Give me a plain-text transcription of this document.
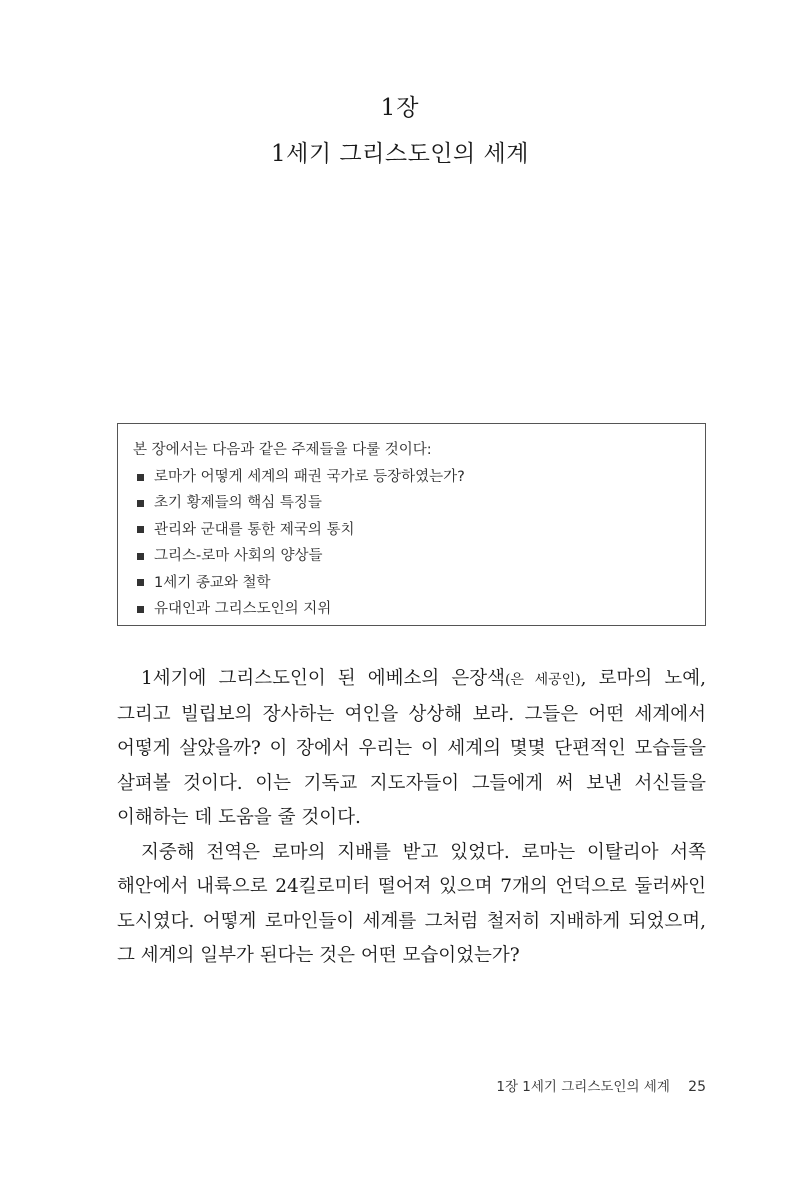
1장
1세기 그리스도인의 세계
본 장에서는 다음과 같은 주제들을 다룰 것이다:
로마가 어떻게 세계의 패권 국가로 등장하였는가?
초기 황제들의 핵심 특징들
관리와 군대를 통한 제국의 통치
그리스-로마 사회의 양상들
1세기 종교와 철학
유대인과 그리스도인의 지위

1세기에 그리스도인이 된 에베소의 은장색(은 세공인), 로마의 노예, 그리고 빌립보의 장사하는 여인을 상상해 보라. 그들은 어떤 세계에서 어떻게 살았을까? 이 장에서 우리는 이 세계의 몇몇 단편적인 모습들을 살펴볼 것이다. 이는 기독교 지도자들이 그들에게 써 보낸 서신들을 이해하는 데 도움을 줄 것이다.

지중해 전역은 로마의 지배를 받고 있었다. 로마는 이탈리아 서쪽 해안에서 내륙으로 24킬로미터 떨어져 있으며 7개의 언덕으로 둘러싸인 도시였다. 어떻게 로마인들이 세계를 그처럼 철저히 지배하게 되었으며, 그 세계의 일부가 된다는 것은 어떤 모습이었는가?

1장 1세기 그리스도인의 세계 25
